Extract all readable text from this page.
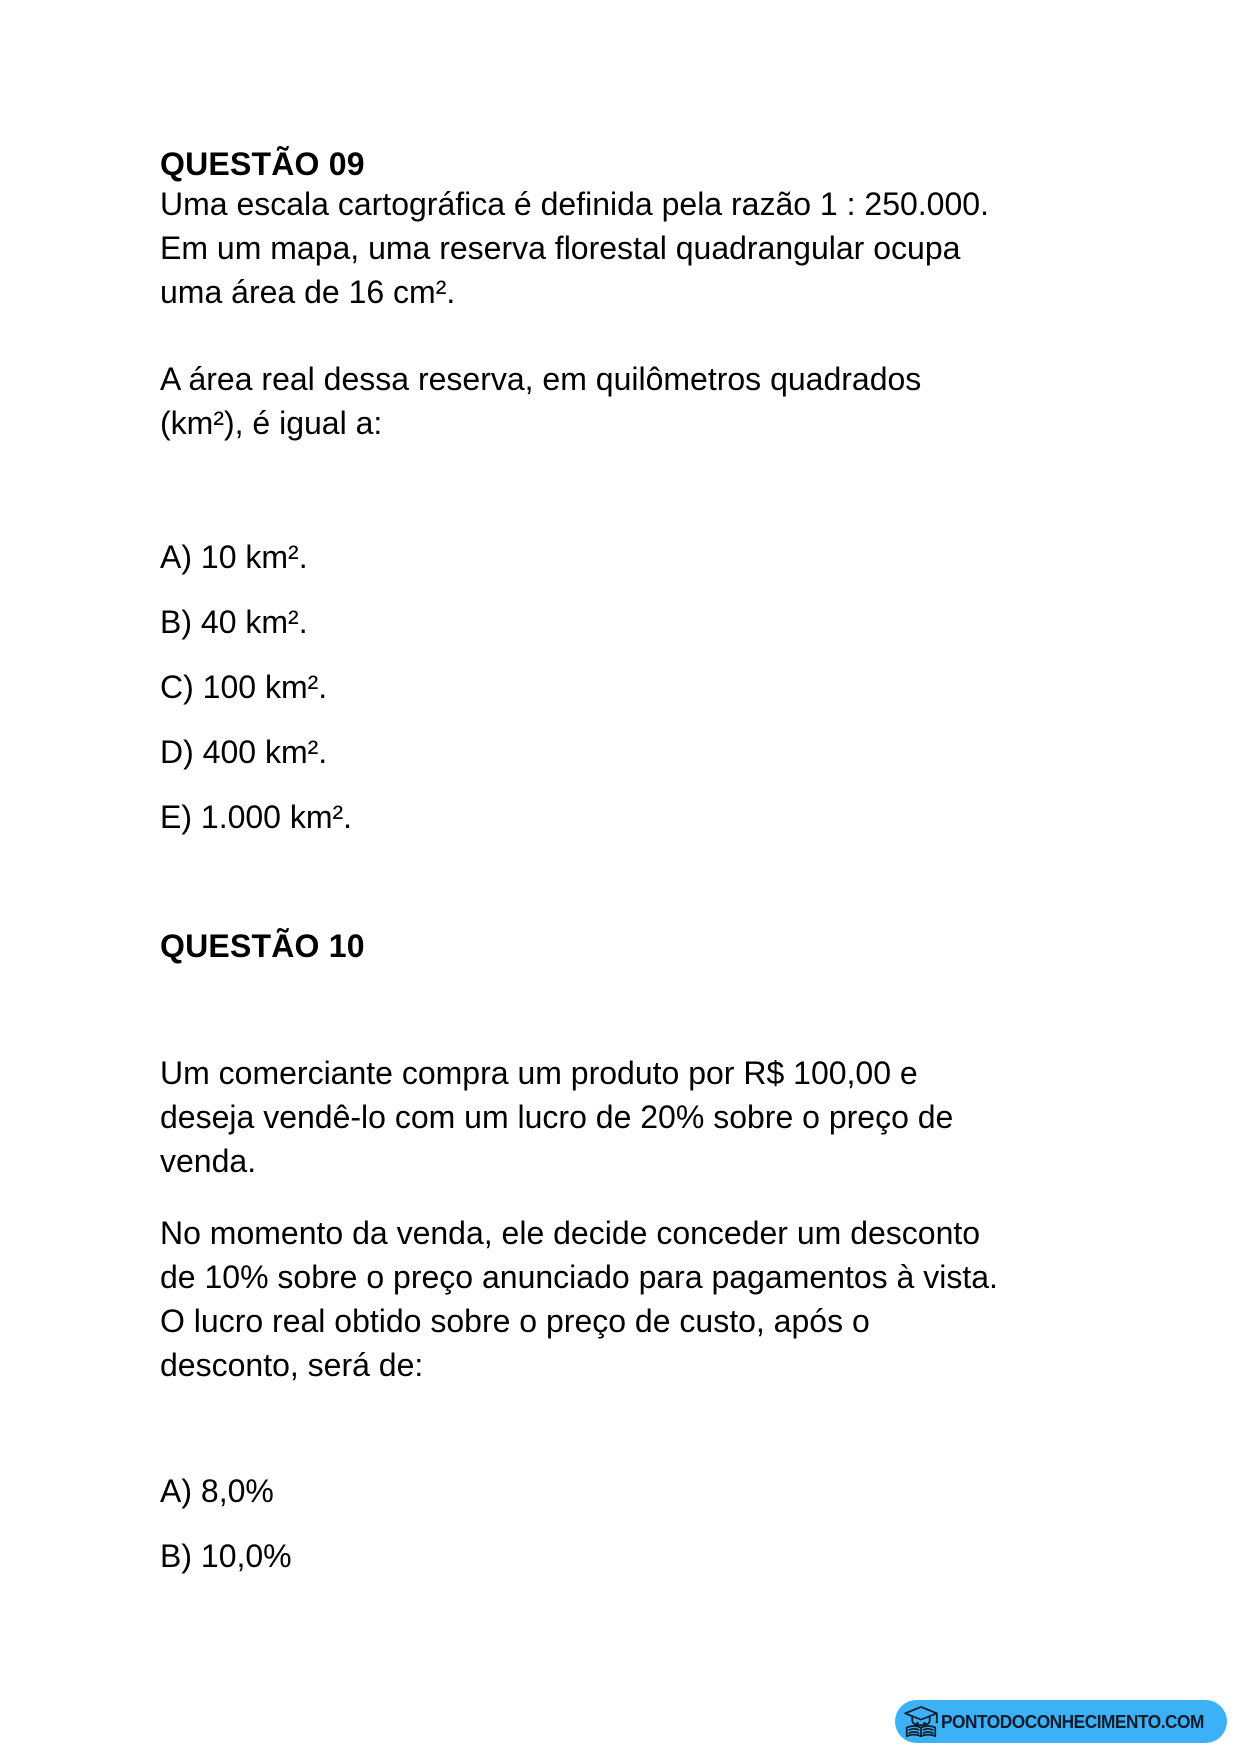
QUESTÃO 09
Uma escala cartográfica é definida pela razão 1 : 250.000.
Em um mapa, uma reserva florestal quadrangular ocupa
uma área de 16 cm².
A área real dessa reserva, em quilômetros quadrados
(km²), é igual a:
A) 10 km².
B) 40 km².
C) 100 km².
D) 400 km².
E) 1.000 km².
QUESTÃO 10
Um comerciante compra um produto por R$ 100,00 e
deseja vendê-lo com um lucro de 20% sobre o preço de
venda.
No momento da venda, ele decide conceder um desconto
de 10% sobre o preço anunciado para pagamentos à vista.
O lucro real obtido sobre o preço de custo, após o
desconto, será de:
A) 8,0%
B) 10,0%
PONTODOCONHECIMENTO.COM
